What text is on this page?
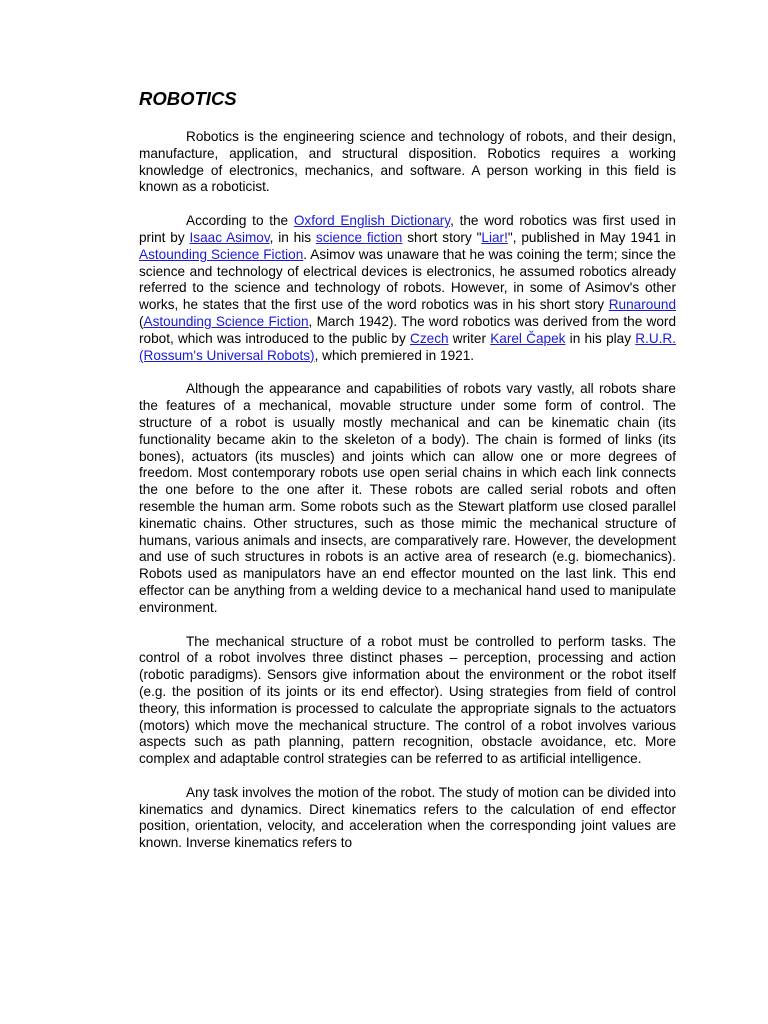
ROBOTICS

Robotics is the engineering science and technology of robots, and their design, manufacture, application, and structural disposition. Robotics requires a working knowledge of electronics, mechanics, and software. A person working in this field is known as a roboticist.

According to the Oxford English Dictionary, the word robotics was first used in print by Isaac Asimov, in his science fiction short story "Liar!", published in May 1941 in Astounding Science Fiction. Asimov was unaware that he was coining the term; since the science and technology of electrical devices is electronics, he assumed robotics already referred to the science and technology of robots. However, in some of Asimov's other works, he states that the first use of the word robotics was in his short story Runaround (Astounding Science Fiction, March 1942). The word robotics was derived from the word robot, which was introduced to the public by Czech writer Karel Čapek in his play R.U.R. (Rossum's Universal Robots), which premiered in 1921.

Although the appearance and capabilities of robots vary vastly, all robots share the features of a mechanical, movable structure under some form of control. The structure of a robot is usually mostly mechanical and can be kinematic chain (its functionality became akin to the skeleton of a body). The chain is formed of links (its bones), actuators (its muscles) and joints which can allow one or more degrees of freedom. Most contemporary robots use open serial chains in which each link connects the one before to the one after it. These robots are called serial robots and often resemble the human arm. Some robots such as the Stewart platform use closed parallel kinematic chains. Other structures, such as those mimic the mechanical structure of humans, various animals and insects, are comparatively rare. However, the development and use of such structures in robots is an active area of research (e.g. biomechanics). Robots used as manipulators have an end effector mounted on the last link. This end effector can be anything from a welding device to a mechanical hand used to manipulate environment.

The mechanical structure of a robot must be controlled to perform tasks. The control of a robot involves three distinct phases – perception, processing and action (robotic paradigms). Sensors give information about the environment or the robot itself (e.g. the position of its joints or its end effector). Using strategies from field of control theory, this information is processed to calculate the appropriate signals to the actuators (motors) which move the mechanical structure. The control of a robot involves various aspects such as path planning, pattern recognition, obstacle avoidance, etc. More complex and adaptable control strategies can be referred to as artificial intelligence.

Any task involves the motion of the robot. The study of motion can be divided into kinematics and dynamics. Direct kinematics refers to the calculation of end effector position, orientation, velocity, and acceleration when the corresponding joint values are known. Inverse kinematics refers to
